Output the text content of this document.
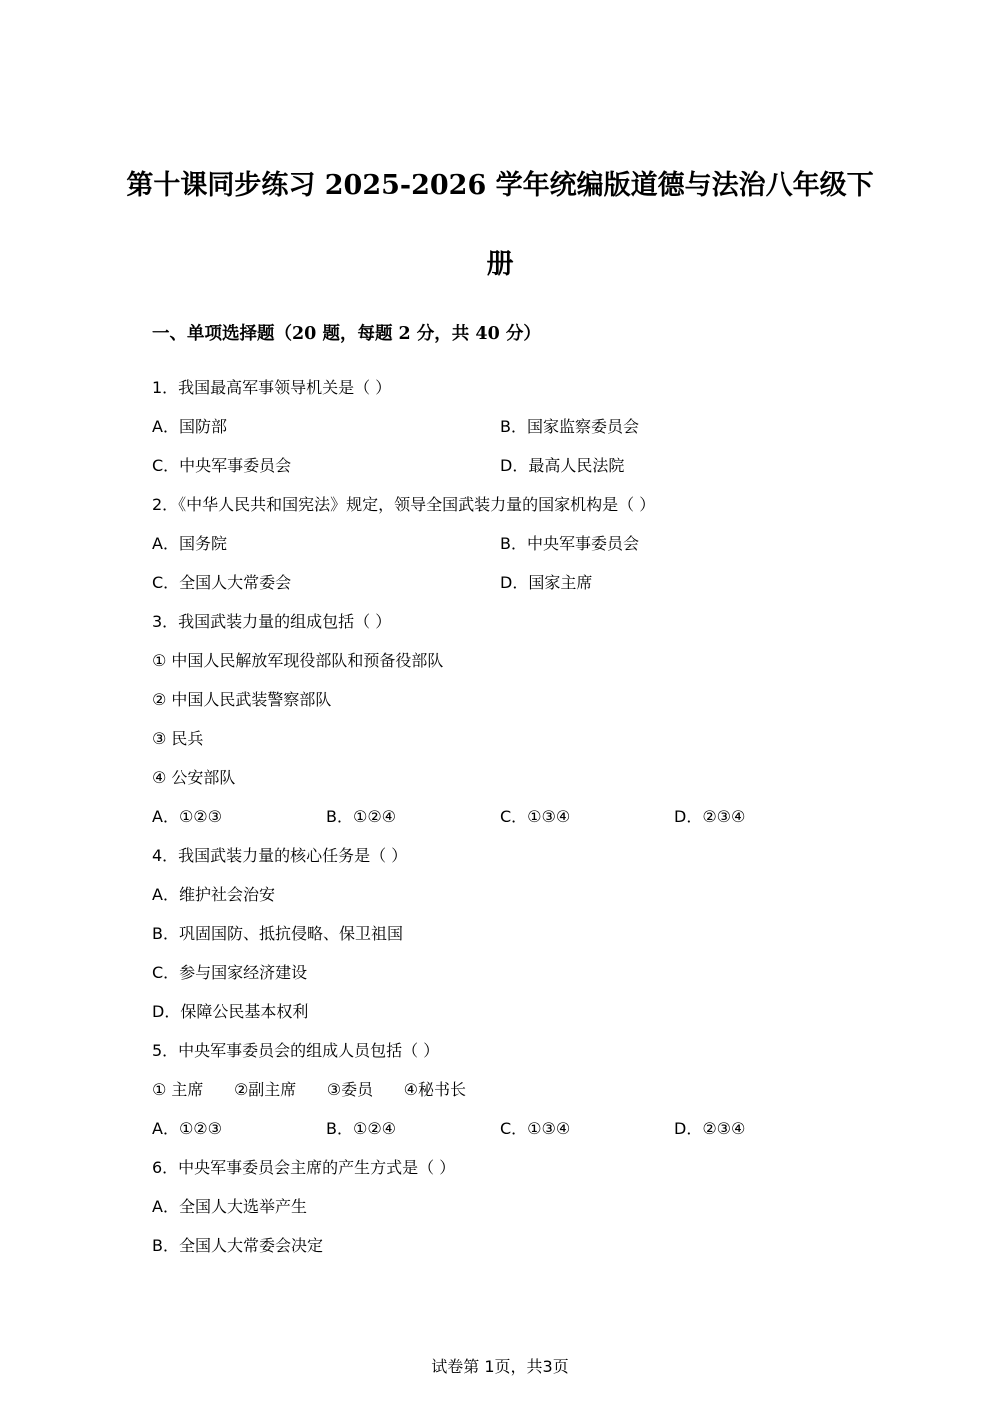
第十课同步练习 2025-2026 学年统编版道德与法治八年级下
册
一、单项选择题（20 题，每题 2 分，共 40 分）
1．我国最高军事领导机关是（ ）
A．国防部	B．国家监察委员会
C．中央军事委员会	D．最高人民法院
2．《中华人民共和国宪法》规定，领导全国武装力量的国家机构是（ ）
A．国务院	B．中央军事委员会
C．全国人大常委会	D．国家主席
3．我国武装力量的组成包括（ ）
① 中国人民解放军现役部队和预备役部队
② 中国人民武装警察部队
③ 民兵
④ 公安部队
A．①②③	B．①②④	C．①③④	D．②③④
4．我国武装力量的核心任务是（ ）
A．维护社会治安
B．巩固国防、抵抗侵略、保卫祖国
C．参与国家经济建设
D．保障公民基本权利
5．中央军事委员会的组成人员包括（ ）
① 主席      ②副主席      ③委员      ④秘书长
A．①②③	B．①②④	C．①③④	D．②③④
6．中央军事委员会主席的产生方式是（ ）
A．全国人大选举产生
B．全国人大常委会决定
试卷第 1页，共3页
